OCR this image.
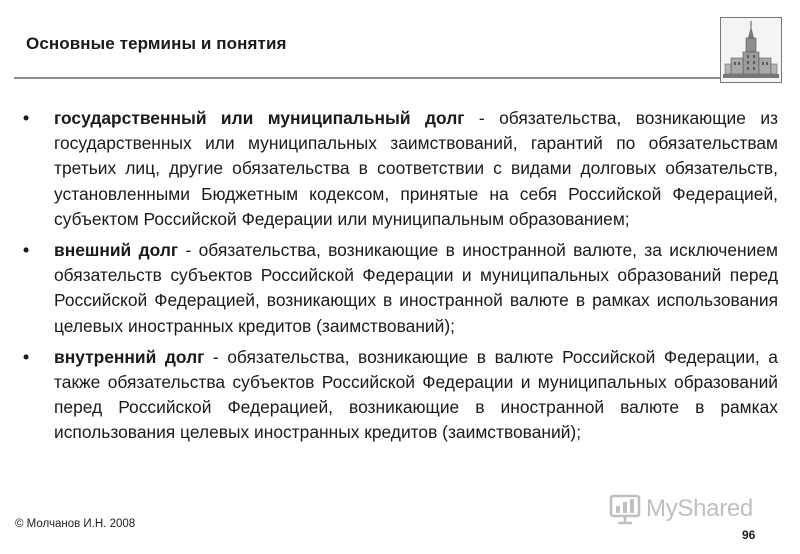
Основные термины и понятия
• государственный или муниципальный долг - обязательства, возникающие из государственных или муниципальных заимствований, гарантий по обязательствам третьих лиц, другие обязательства в соответствии с видами долговых обязательств, установленными Бюджетным кодексом, принятые на себя Российской Федерацией, субъектом Российской Федерации или муниципальным образованием;
• внешний долг - обязательства, возникающие в иностранной валюте, за исключением обязательств субъектов Российской Федерации и муниципальных образований перед Российской Федерацией, возникающих в иностранной валюте в рамках использования целевых иностранных кредитов (заимствований);
• внутренний долг - обязательства, возникающие в валюте Российской Федерации, а также обязательства субъектов Российской Федерации и муниципальных образований перед Российской Федерацией, возникающие в иностранной валюте в рамках использования целевых иностранных кредитов (заимствований);
MyShared
© Молчанов И.Н. 2008
96
